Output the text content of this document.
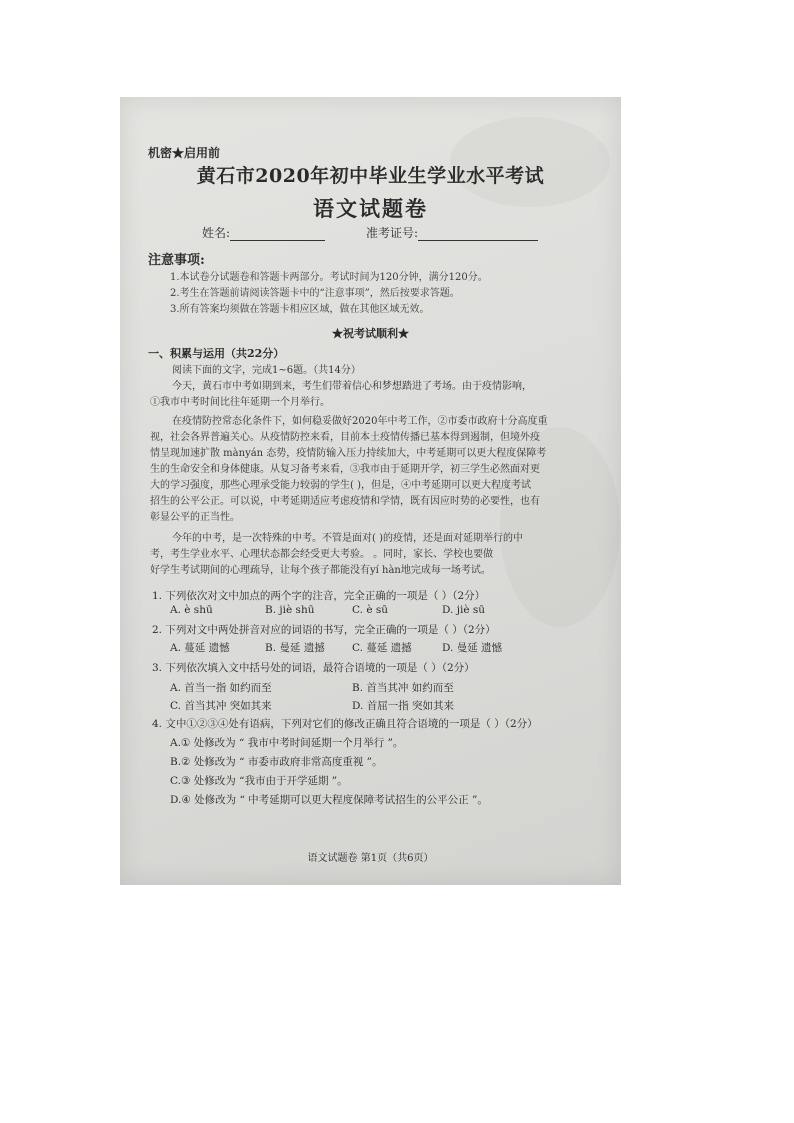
机密★启用前
黄石市2020年初中毕业生学业水平考试
语文试题卷
姓名:	准考证号:
注意事项:
1.本试卷分试题卷和答题卡两部分。考试时间为120分钟，满分120分。
2.考生在答题前请阅读答题卡中的“注意事项”，然后按要求答题。
3.所有答案均须做在答题卡相应区域，做在其他区域无效。
★祝考试顺利★
一、积累与运用（共22分）
阅读下面的文字，完成1~6题。（共14分）
今天，黄石市中考如期到来，考生们带着信心和梦想踏进了考场。由于疫情影响，
①我市中考时间比往年延期一个月举行。
在疫情防控常态化条件下，如何稳妥做好2020年中考工作，②市委市政府十分高度重
视，社会各界普遍关心。从疫情防控来看，目前本土疫情传播已基本得到遏制，但境外疫
情呈现加速扩散 mànyán 态势，疫情防输入压力持续加大，中考延期可以更大程度保障考
生的生命安全和身体健康。从复习备考来看，③我市由于延期开学，初三学生必然面对更
大的学习强度，那些心理承受能力较弱的学生( )，但是，④中考延期可以更大程度考试
招生的公平公正。可以说，中考延期适应考虑疫情和学情，既有因应时势的必要性，也有
彰显公平的正当性。
今年的中考，是一次特殊的中考。不管是面对( )的疫情，还是面对延期举行的中
考，考生学业水平、心理状态都会经受更大考验。 。同时，家长、学校也要做
好学生考试期间的心理疏导，让每个孩子都能没有yí hàn地完成每一场考试。
1. 下列依次对文中加点的两个字的注音，完全正确的一项是（ ）（2分）
A. è shū	B. jiè shū	C. è sū	D. jiè sū
2. 下列对文中两处拼音对应的词语的书写，完全正确的一项是（ ）（2分）
A. 蔓延 遗憾	B. 曼延 遗撼	C. 蔓延 遗撼	D. 曼延 遗憾
3. 下列依次填入文中括号处的词语，最符合语境的一项是（ ）（2分）
A. 首当一指 如约而至	B. 首当其冲 如约而至
C. 首当其冲 突如其来	D. 首屈一指 突如其来
4. 文中①②③④处有语病，下列对它们的修改正确且符合语境的一项是（ ）（2分）
A.① 处修改为 “ 我市中考时间延期一个月举行 ”。
B.② 处修改为 “ 市委市政府非常高度重视 ”。
C.③ 处修改为 “我市由于开学延期 ”。
D.④ 处修改为 “ 中考延期可以更大程度保障考试招生的公平公正 ”。
语文试题卷 第1页（共6页）
